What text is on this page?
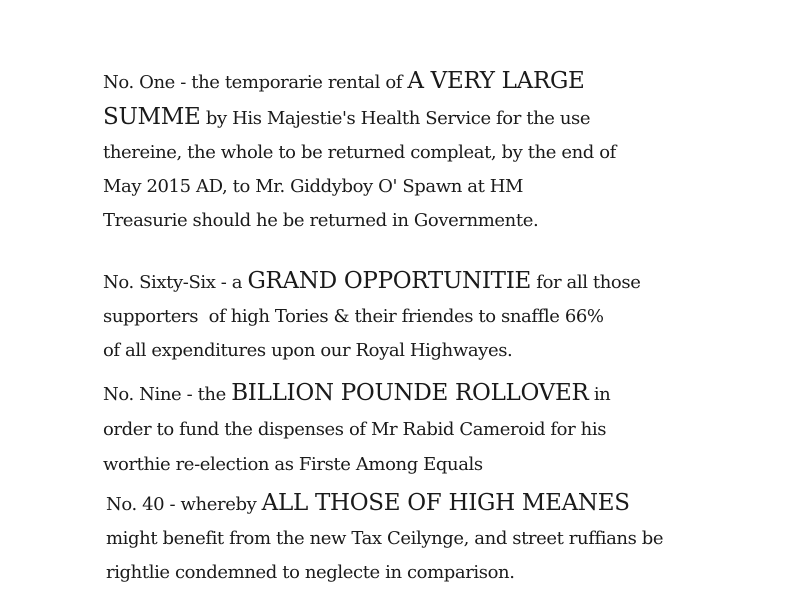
No. One - the temporarie rental of A VERY LARGE
SUMME by His Majestie's Health Service for the use
thereine, the whole to be returned compleat, by the end of
May 2015 AD, to Mr. Giddyboy O' Spawn at HM
Treasurie should he be returned in Governmente.
No. Sixty-Six - a GRAND OPPORTUNITIE for all those
supporters  of high Tories & their friendes to snaffle 66%
of all expenditures upon our Royal Highwayes.
No. Nine - the BILLION POUNDE ROLLOVER in
order to fund the dispenses of Mr Rabid Cameroid for his
worthie re-election as Firste Among Equals
No. 40 - whereby ALL THOSE OF HIGH MEANES
might benefit from the new Tax Ceilynge, and street ruffians be
rightlie condemned to neglecte in comparison.
